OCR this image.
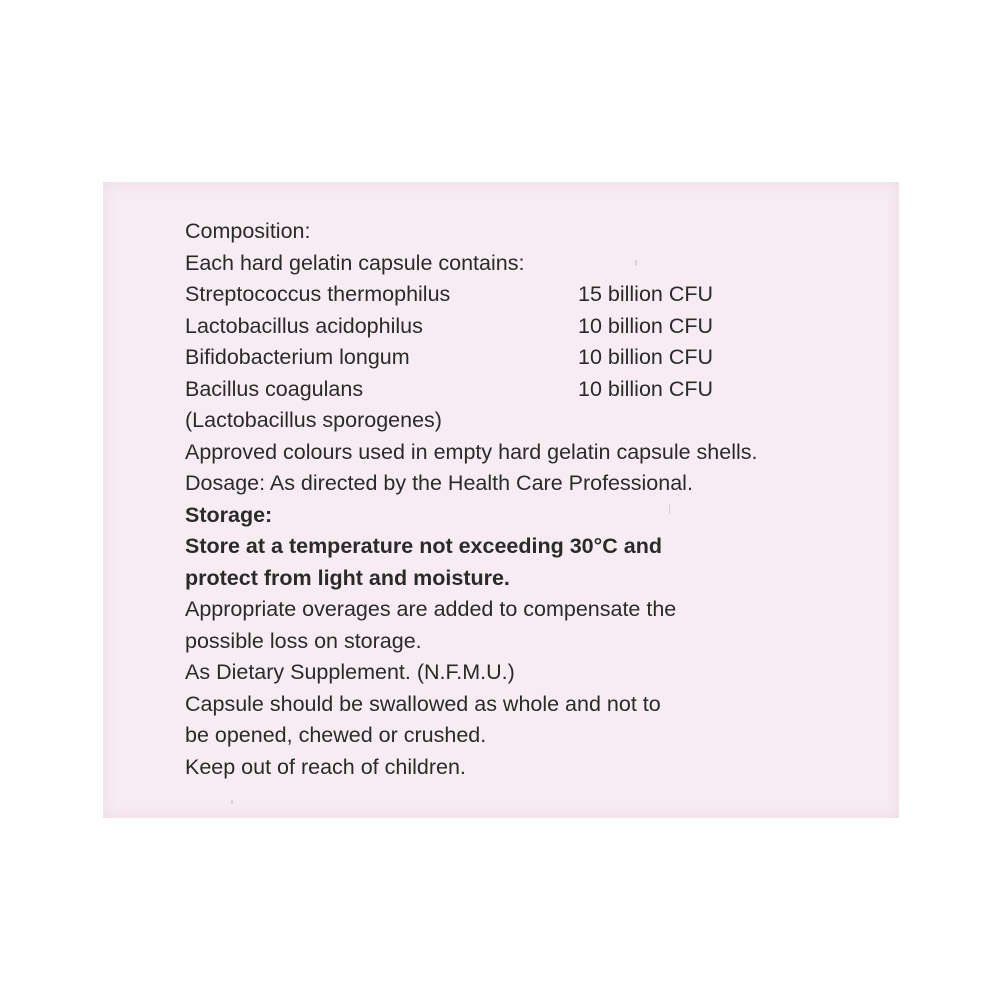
Composition:
Each hard gelatin capsule contains:
Streptococcus thermophilus	15 billion CFU
Lactobacillus acidophilus	10 billion CFU
Bifidobacterium longum	10 billion CFU
Bacillus coagulans	10 billion CFU
(Lactobacillus sporogenes)
Approved colours used in empty hard gelatin capsule shells.
Dosage: As directed by the Health Care Professional.
Storage:
Store at a temperature not exceeding 30°C and
protect from light and moisture.
Appropriate overages are added to compensate the
possible loss on storage.
As Dietary Supplement. (N.F.M.U.)
Capsule should be swallowed as whole and not to
be opened, chewed or crushed.
Keep out of reach of children.
